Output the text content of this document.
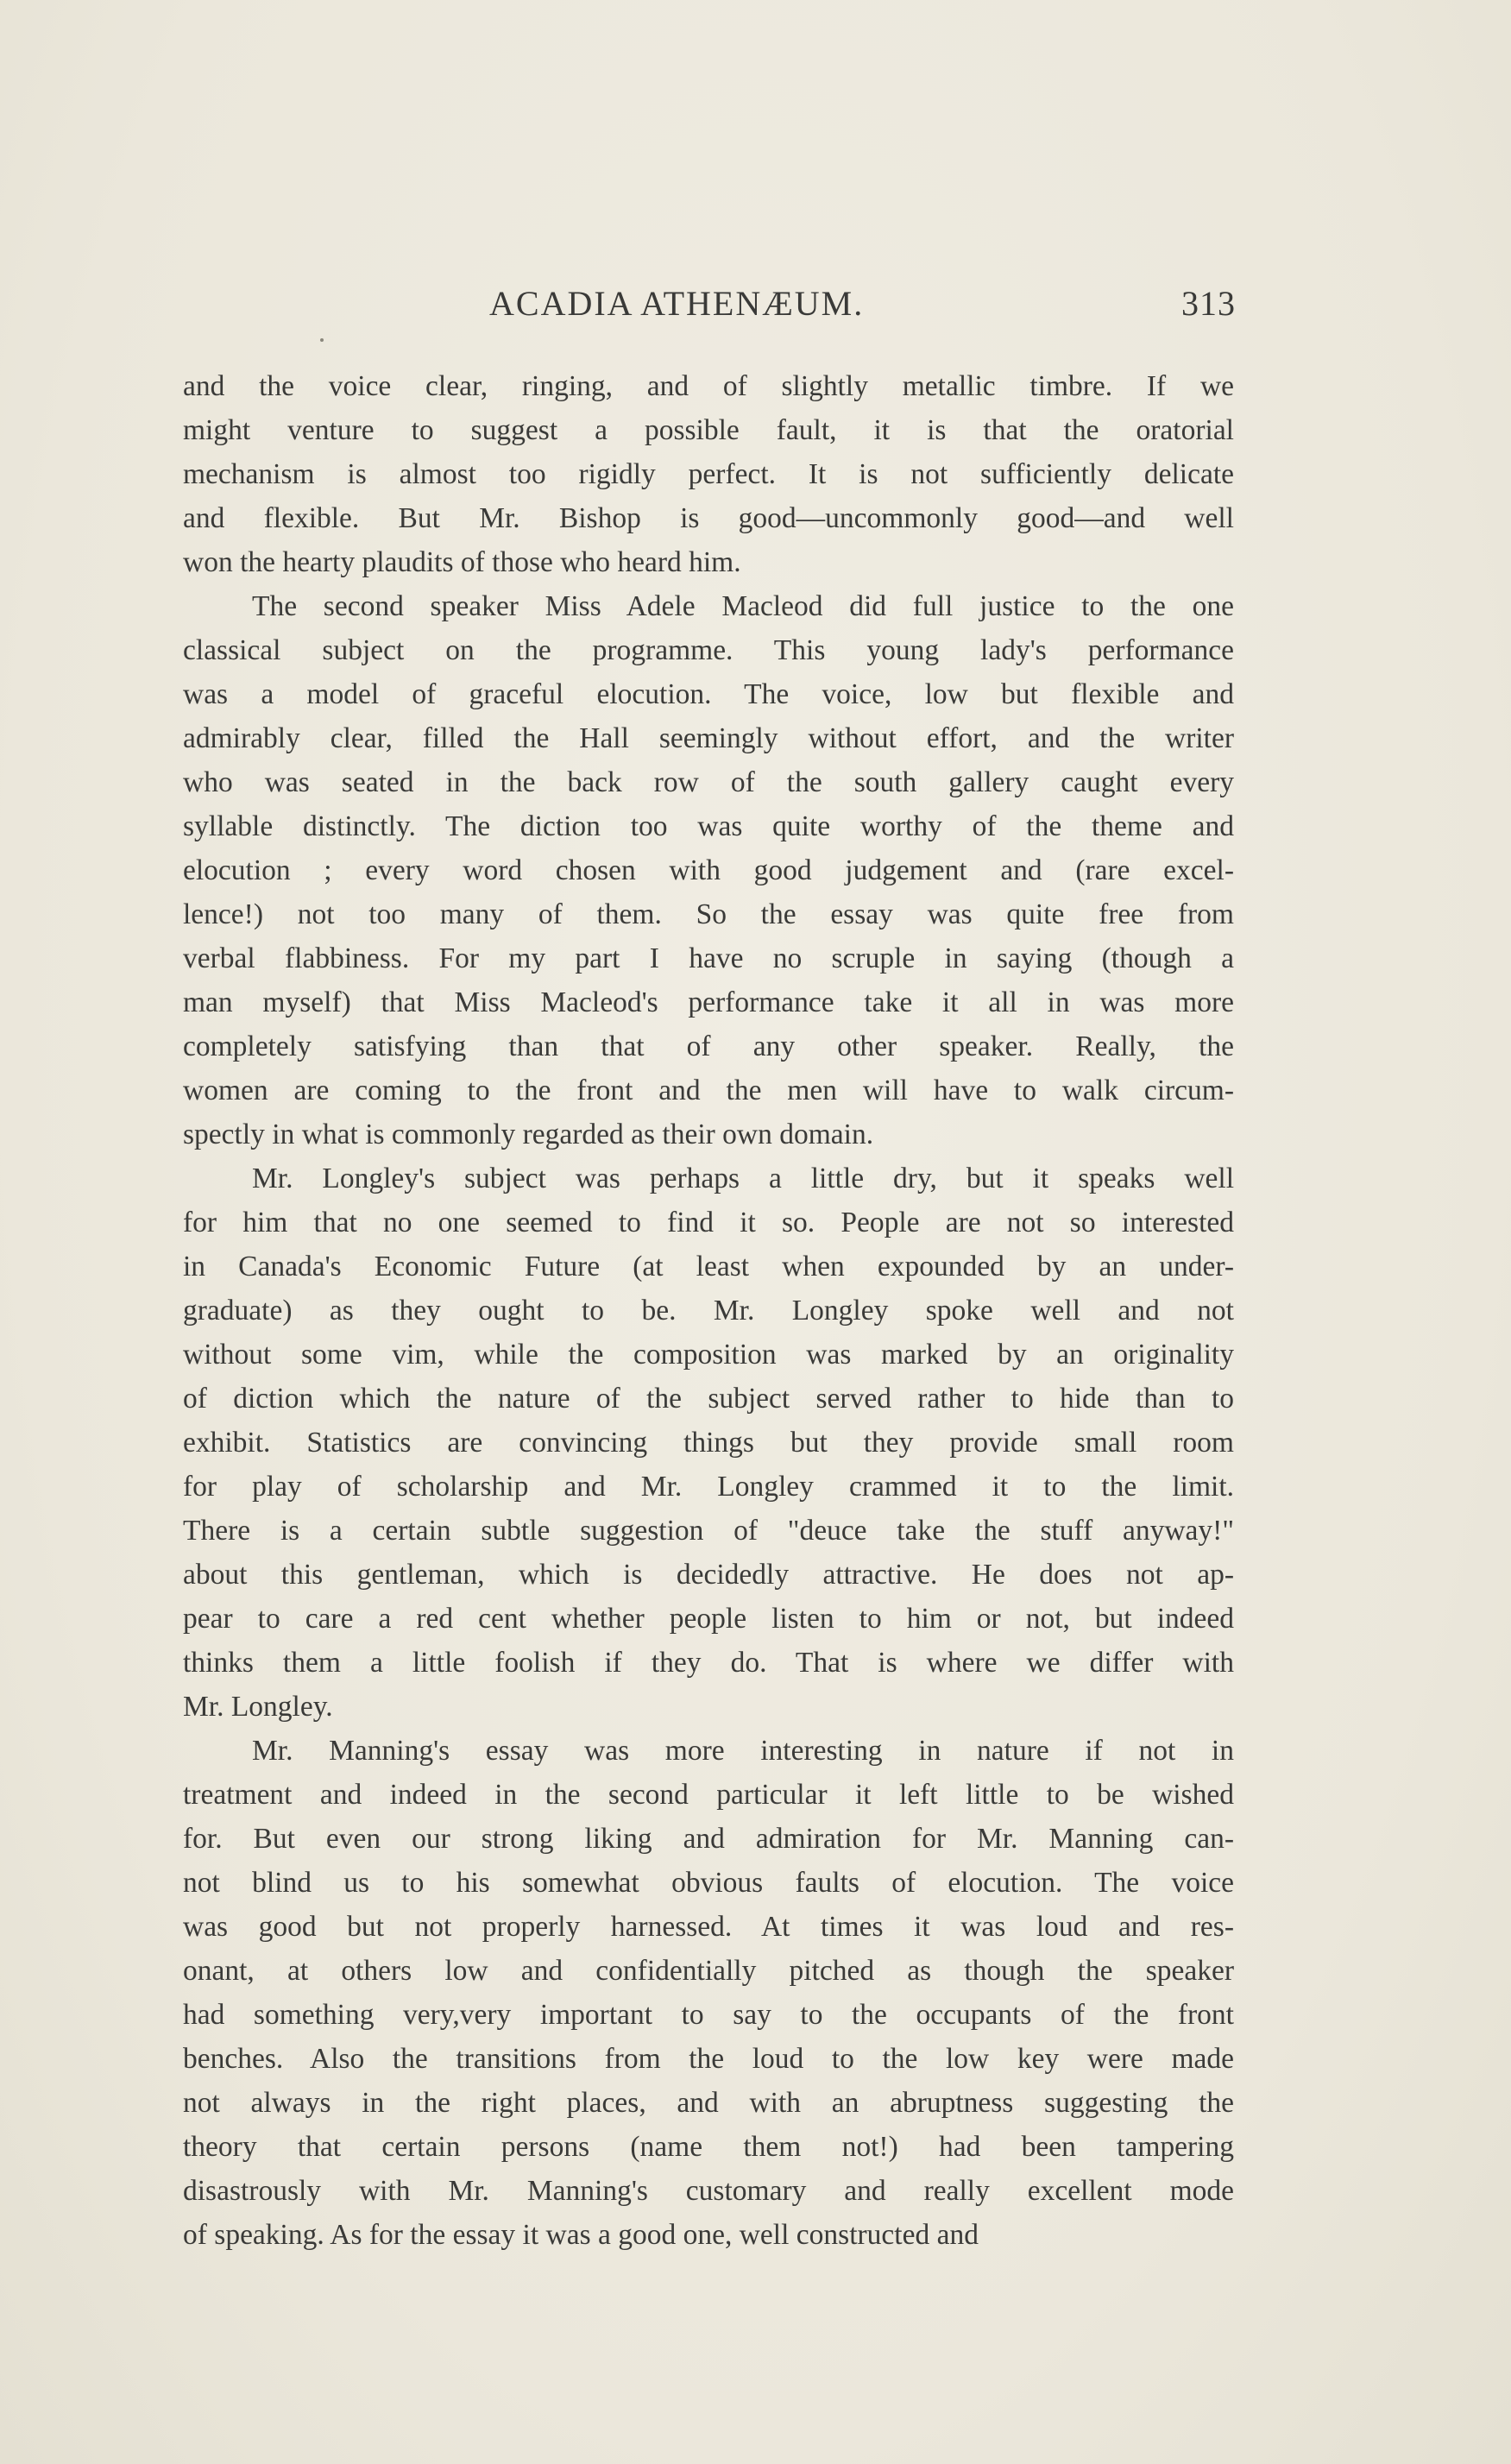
ACADIA ATHENÆUM.	313
and the voice clear, ringing, and of slightly metallic timbre. If we
might venture to suggest a possible fault, it is that the oratorial
mechanism is almost too rigidly perfect. It is not sufficiently delicate
and flexible. But Mr. Bishop is good—uncommonly good—and well
won the hearty plaudits of those who heard him.
The second speaker Miss Adele Macleod did full justice to the one
classical subject on the programme. This young lady's performance
was a model of graceful elocution. The voice, low but flexible and
admirably clear, filled the Hall seemingly without effort, and the writer
who was seated in the back row of the south gallery caught every
syllable distinctly. The diction too was quite worthy of the theme and
elocution ; every word chosen with good judgement and (rare excel-
lence!) not too many of them. So the essay was quite free from
verbal flabbiness. For my part I have no scruple in saying (though a
man myself) that Miss Macleod's performance take it all in was more
completely satisfying than that of any other speaker. Really, the
women are coming to the front and the men will have to walk circum-
spectly in what is commonly regarded as their own domain.
Mr. Longley's subject was perhaps a little dry, but it speaks well
for him that no one seemed to find it so. People are not so interested
in Canada's Economic Future (at least when expounded by an under-
graduate) as they ought to be. Mr. Longley spoke well and not
without some vim, while the composition was marked by an originality
of diction which the nature of the subject served rather to hide than to
exhibit. Statistics are convincing things but they provide small room
for play of scholarship and Mr. Longley crammed it to the limit.
There is a certain subtle suggestion of "deuce take the stuff anyway!"
about this gentleman, which is decidedly attractive. He does not ap-
pear to care a red cent whether people listen to him or not, but indeed
thinks them a little foolish if they do. That is where we differ with
Mr. Longley.
Mr. Manning's essay was more interesting in nature if not in
treatment and indeed in the second particular it left little to be wished
for. But even our strong liking and admiration for Mr. Manning can-
not blind us to his somewhat obvious faults of elocution. The voice
was good but not properly harnessed. At times it was loud and res-
onant, at others low and confidentially pitched as though the speaker
had something very,very important to say to the occupants of the front
benches. Also the transitions from the loud to the low key were made
not always in the right places, and with an abruptness suggesting the
theory that certain persons (name them not!) had been tampering
disastrously with Mr. Manning's customary and really excellent mode
of speaking. As for the essay it was a good one, well constructed and
